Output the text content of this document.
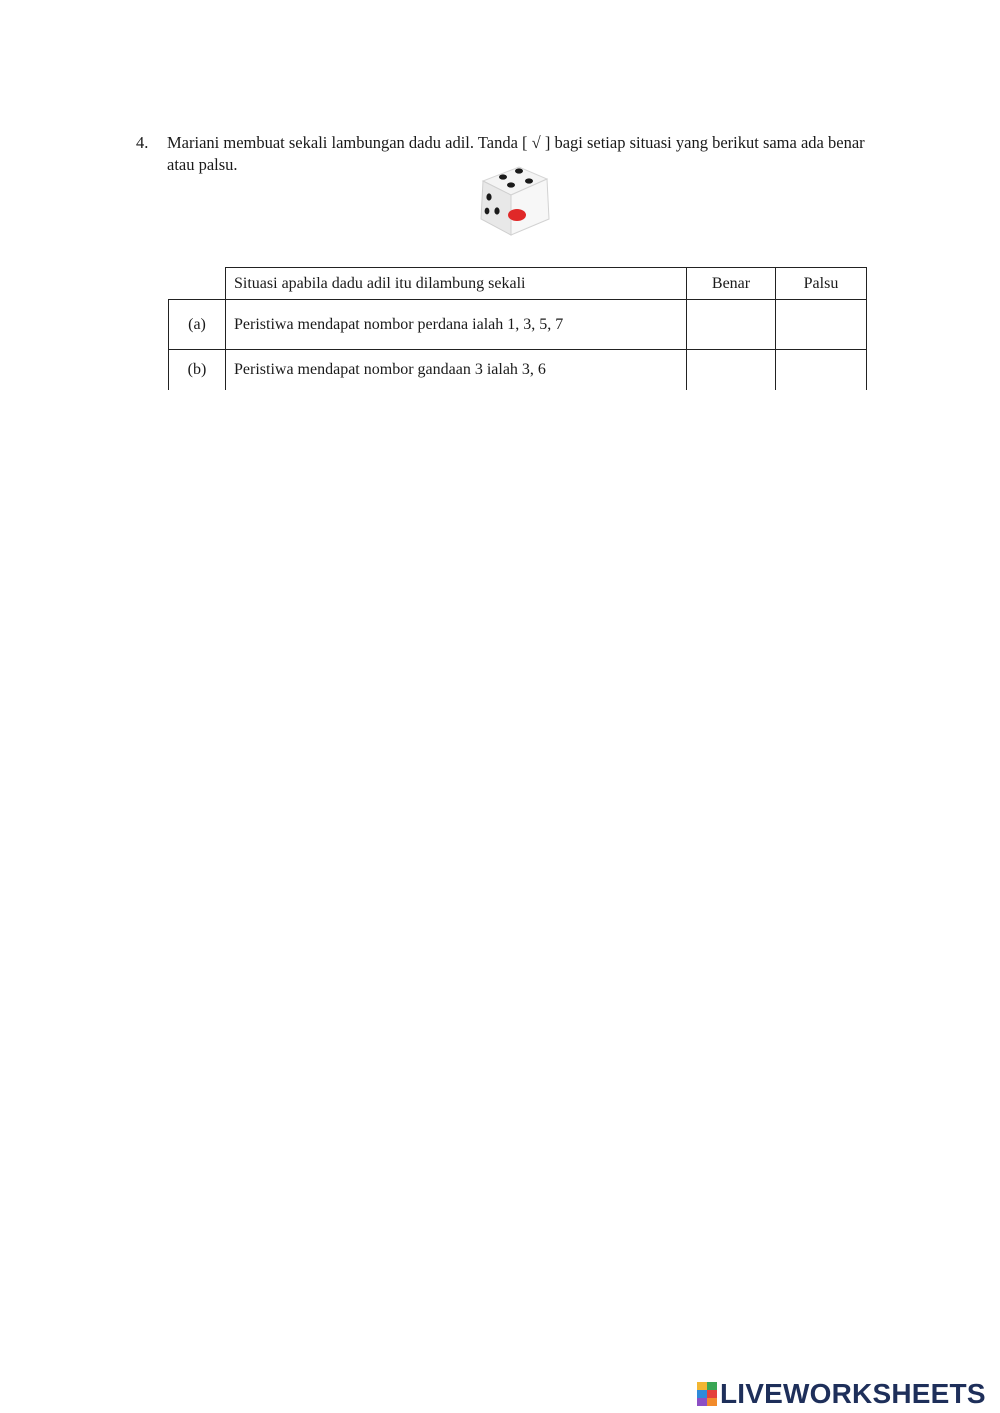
4. Mariani membuat sekali lambungan dadu adil. Tanda [ √ ] bagi setiap situasi yang berikut sama ada benar atau palsu.
	Situasi apabila dadu adil itu dilambung sekali	Benar	Palsu
(a)	Peristiwa mendapat nombor perdana ialah 1, 3, 5, 7		
(b)	Peristiwa mendapat nombor gandaan 3 ialah 3, 6		
LIVEWORKSHEETS
